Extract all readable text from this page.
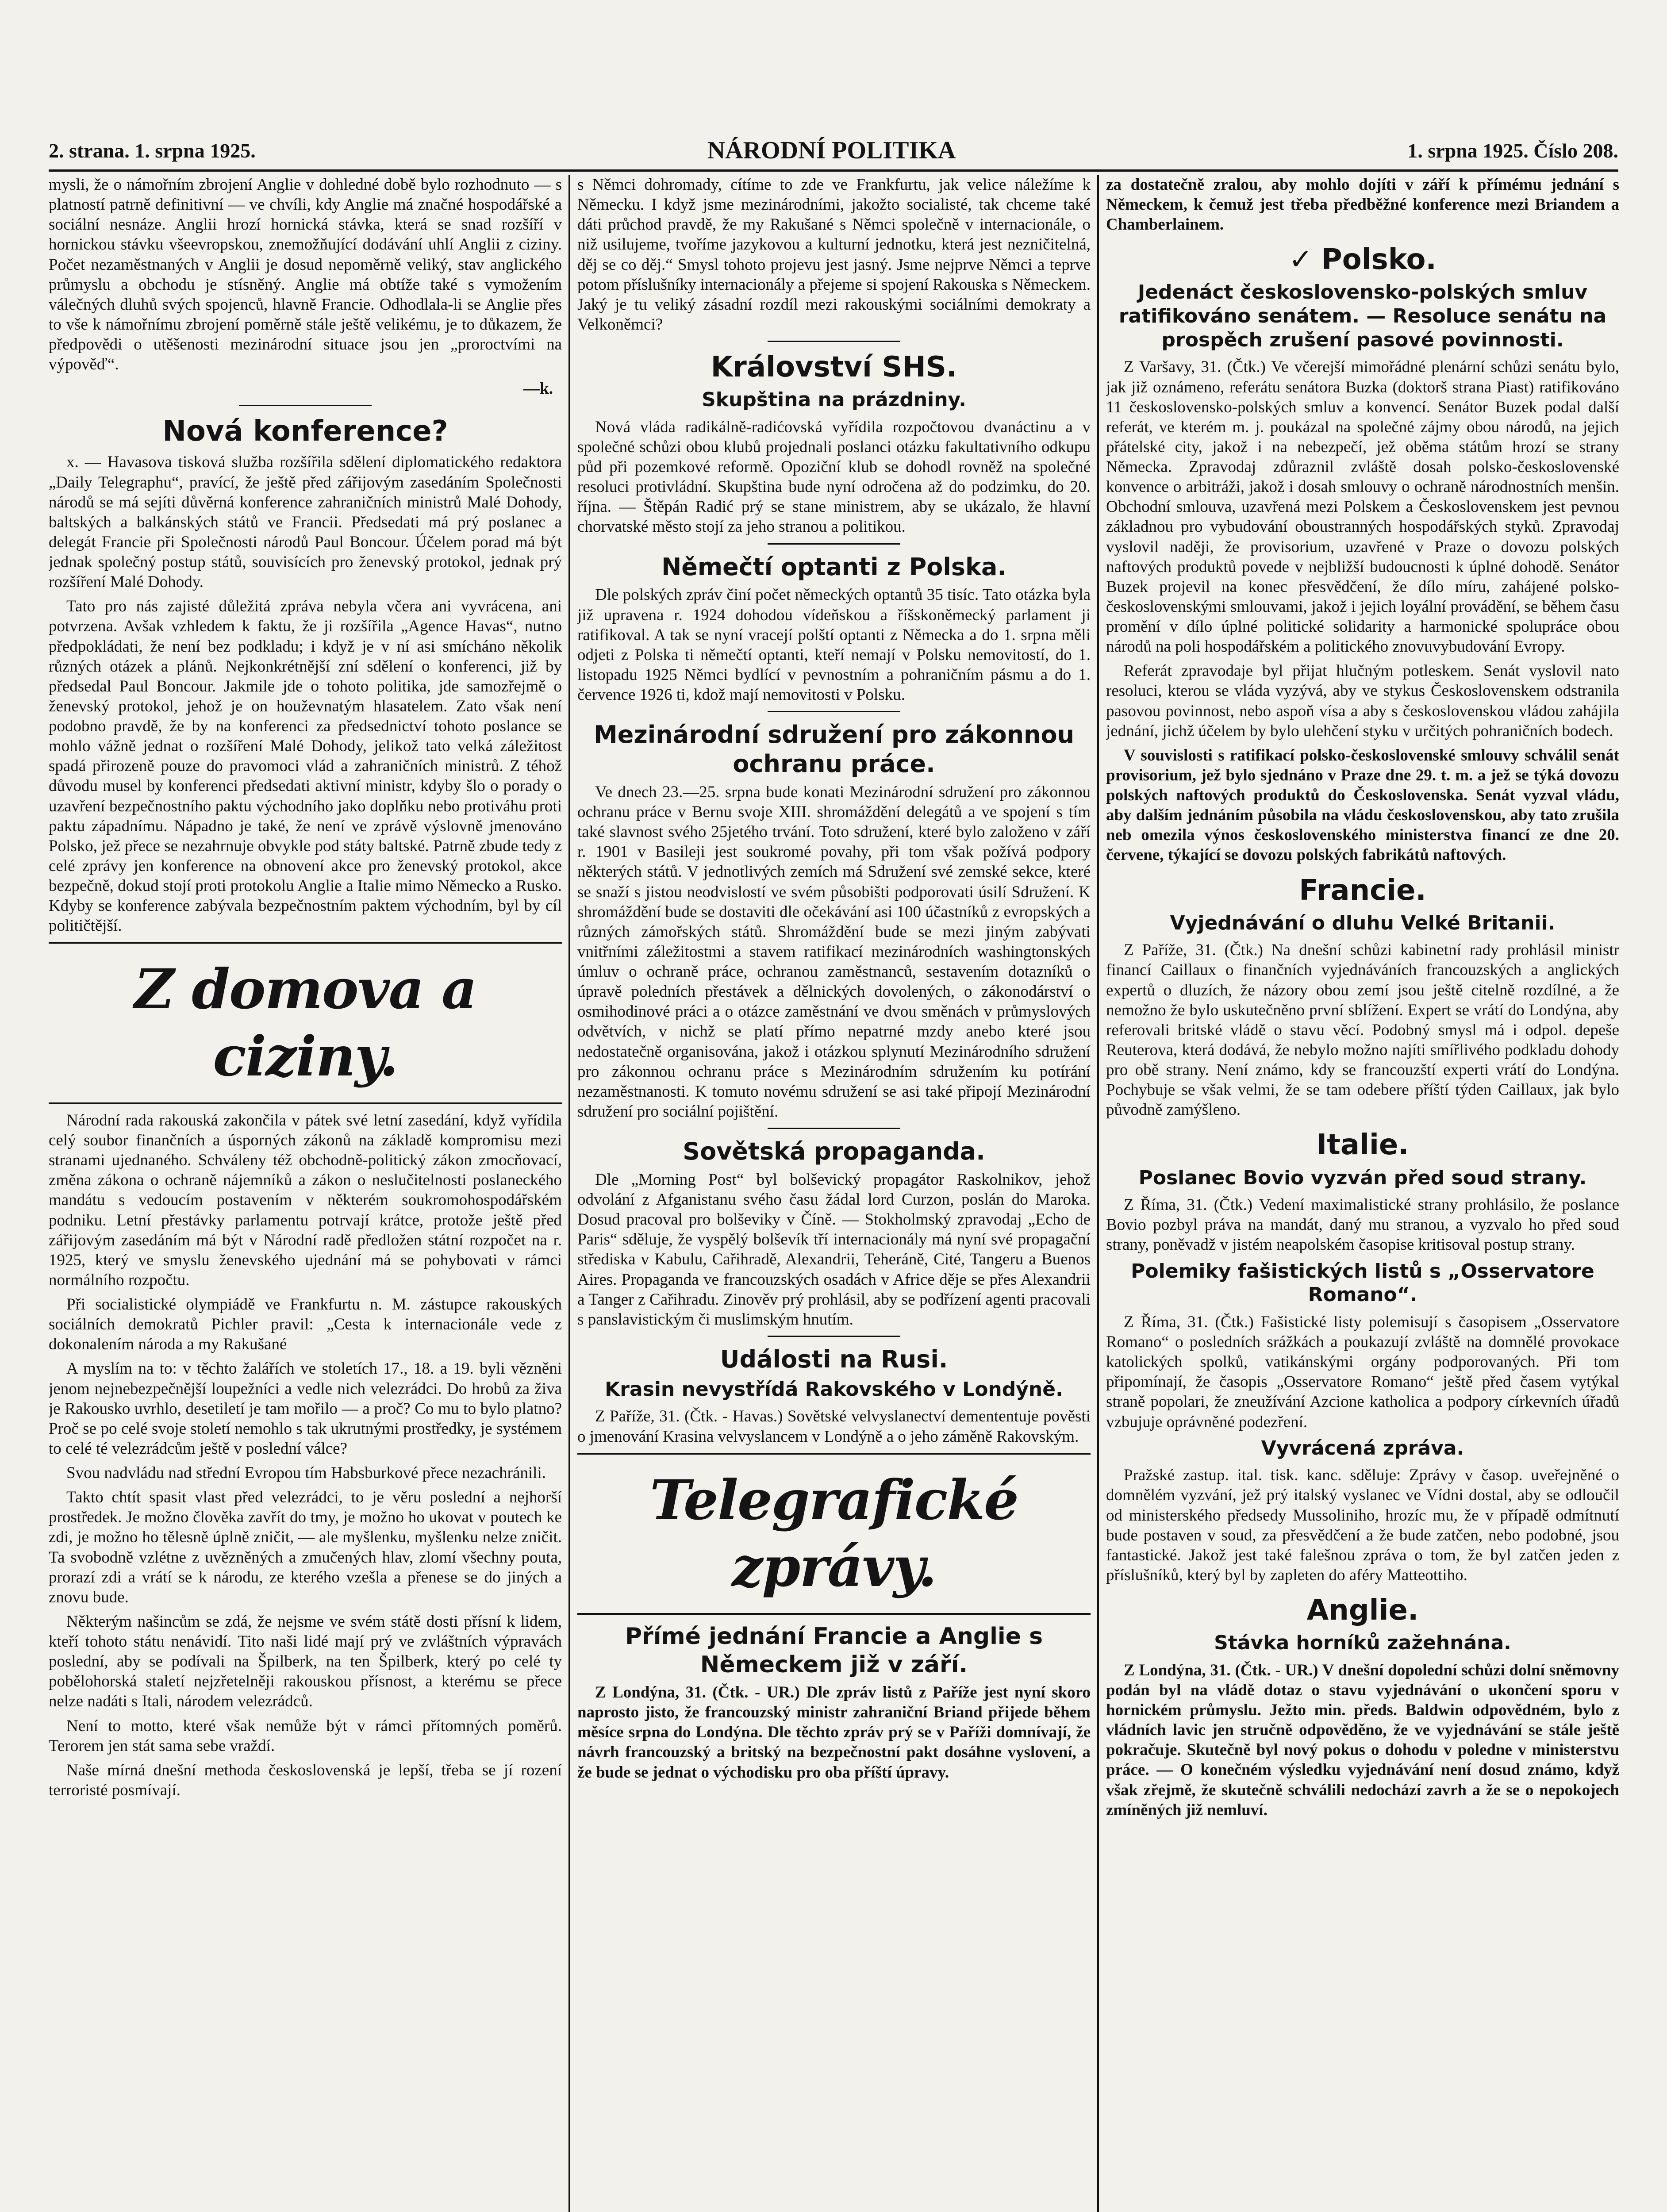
2. strana. 1. srpna 1925.	NÁRODNÍ POLITIKA	1. srpna 1925. Číslo 208.

mysli, že o námořním zbrojení Anglie v dohledné době bylo rozhodnuto — s platností patrně definitivní — ve chvíli, kdy Anglie má značné hospodářské a sociální nesnáze. Anglii hrozí hornická stávka, která se snad rozšíří v hornickou stávku všeevropskou, znemožňující dodávání uhlí Anglii z ciziny. Počet nezaměstnaných v Anglii je dosud nepoměrně veliký, stav anglického průmyslu a obchodu je stísněný. Anglie má obtíže také s vymožením válečných dluhů svých spojenců, hlavně Francie. Odhodlala-li se Anglie přes to vše k námořnímu zbrojení poměrně stále ještě velikému, je to důkazem, že předpovědi o utěšenosti mezinárodní situace jsou jen „proroctvími na výpověď“.

—k.
Nová konference?

x. — Havasova tisková služba rozšířila sdělení diplomatického redaktora „Daily Telegraphu“, pravící, že ještě před zářijovým zasedáním Společnosti národů se má sejíti důvěrná konference zahraničních ministrů Malé Dohody, baltských a balkánských států ve Francii. Předsedati má prý poslanec a delegát Francie při Společnosti národů Paul Boncour. Účelem porad má být jednak společný postup států, souvisících pro ženevský protokol, jednak prý rozšíření Malé Dohody.

Tato pro nás zajisté důležitá zpráva nebyla včera ani vyvrácena, ani potvrzena. Avšak vzhledem k faktu, že ji rozšířila „Agence Havas“, nutno předpokládati, že není bez podkladu; i když je v ní asi smícháno několik různých otázek a plánů. Nejkonkrétnější zní sdělení o konferenci, již by předsedal Paul Boncour. Jakmile jde o tohoto politika, jde samozřejmě o ženevský protokol, jehož je on houževnatým hlasatelem. Zato však není podobno pravdě, že by na konferenci za předsednictví tohoto poslance se mohlo vážně jednat o rozšíření Malé Dohody, jelikož tato velká záležitost spadá přirozeně pouze do pravomoci vlád a zahraničních ministrů. Z téhož důvodu musel by konferenci předsedati aktivní ministr, kdyby šlo o porady o uzavření bezpečnostního paktu východního jako doplňku nebo protiváhu proti paktu západnímu. Nápadno je také, že není ve zprávě výslovně jmenováno Polsko, jež přece se nezahrnuje obvykle pod státy baltské. Patrně zbude tedy z celé zprávy jen konference na obnovení akce pro ženevský protokol, akce bezpečně, dokud stojí proti protokolu Anglie a Italie mimo Německo a Rusko. Kdyby se konference zabývala bezpečnostním paktem východním, byl by cíl političtější.

Z domova a ciziny.

Národní rada rakouská zakončila v pátek své letní zasedání, když vyřídila celý soubor finančních a úsporných zákonů na základě kompromisu mezi stranami ujednaného. Schváleny též obchodně-politický zákon zmocňovací, změna zákona o ochraně nájemníků a zákon o neslučitelnosti poslaneckého mandátu s vedoucím postavením v některém soukromohospodářském podniku. Letní přestávky parlamentu potrvají krátce, protože ještě před zářijovým zasedáním má být v Národní radě předložen státní rozpočet na r. 1925, který ve smyslu ženevského ujednání má se pohybovati v rámci normálního rozpočtu.

Při socialistické olympiádě ve Frankfurtu n. M. zástupce rakouských sociálních demokratů Pichler pravil: „Cesta k internacionále vede z dokonalením národa a my Rakušané

A myslím na to: v těchto žalářích ve stoletích 17., 18. a 19. byli vězněni jenom nejnebezpečnější loupežníci a vedle nich velezrádci. Do hrobů za živa je Rakousko uvrhlo, desetiletí je tam mořilo — a proč? Co mu to bylo platno? Proč se po celé svoje století nemohlo s tak ukrutnými prostředky, je systémem to celé té velezrádcům ještě v poslední válce?

Svou nadvládu nad střední Evropou tím Habsburkové přece nezachránili.

Takto chtít spasit vlast před velezrádci, to je věru poslední a nejhorší prostředek. Je možno člověka zavřít do tmy, je možno ho ukovat v poutech ke zdi, je možno ho tělesně úplně zničit, — ale myšlenku, myšlenku nelze zničit. Ta svobodně vzlétne z uvězněných a zmučených hlav, zlomí všechny pouta, prorazí zdi a vrátí se k národu, ze kterého vzešla a přenese se do jiných a znovu bude.

Některým našincům se zdá, že nejsme ve svém státě dosti přísní k lidem, kteří tohoto státu nenávidí. Tito naši lidé mají prý ve zvláštních výpravách poslední, aby se podívali na Špilberk, na ten Špilberk, který po celé ty pobělohorská staletí nejzřetelněji rakouskou přísnost, a kterému se přece nelze nadáti s Itali, národem velezrádců.

Není to motto, které však nemůže být v rámci přítomných poměrů. Terorem jen stát sama sebe vraždí.

Naše mírná dnešní methoda československá je lepší, třeba se jí rození terroristé posmívají.

s Němci dohromady, cítíme to zde ve Frankfurtu, jak velice náležíme k Německu. I když jsme mezinárodními, jakožto socialisté, tak chceme také dáti průchod pravdě, že my Rakušané s Němci společně v internacionále, o niž usilujeme, tvoříme jazykovou a kulturní jednotku, která jest nezničitelná, děj se co děj.“ Smysl tohoto projevu jest jasný. Jsme nejprve Němci a teprve potom příslušníky internacionály a přejeme si spojení Rakouska s Německem. Jaký je tu veliký zásadní rozdíl mezi rakouskými sociálními demokraty a Velkoněmci?

Království SHS.
Skupština na prázdniny.

Nová vláda radikálně-radićovská vyřídila rozpočtovou dvanáctinu a v společné schůzi obou klubů projednali poslanci otázku fakultativního odkupu půd při pozemkové reformě. Opoziční klub se dohodl rovněž na společné resoluci protivládní. Skupština bude nyní odročena až do podzimku, do 20. října. — Štěpán Radić prý se stane ministrem, aby se ukázalo, že hlavní chorvatské město stojí za jeho stranou a politikou.

Němečtí optanti z Polska.

Dle polských zpráv činí počet německých optantů 35 tisíc. Tato otázka byla již upravena r. 1924 dohodou vídeňskou a říšskoněmecký parlament ji ratifikoval. A tak se nyní vracejí polští optanti z Německa a do 1. srpna měli odjeti z Polska ti němečtí optanti, kteří nemají v Polsku nemovitostí, do 1. listopadu 1925 Němci bydlící v pevnostním a pohraničním pásmu a do 1. července 1926 ti, kdož mají nemovitosti v Polsku.

Mezinárodní sdružení pro zákonnou ochranu práce.

Ve dnech 23.—25. srpna bude konati Mezinárodní sdružení pro zákonnou ochranu práce v Bernu svoje XIII. shromáždění delegátů a ve spojení s tím také slavnost svého 25jetého trvání. Toto sdružení, které bylo založeno v září r. 1901 v Basileji jest soukromé povahy, při tom však požívá podpory některých států. V jednotlivých zemích má Sdružení své zemské sekce, které se snaží s jistou neodvislostí ve svém působišti podporovati úsilí Sdružení. K shromáždění bude se dostaviti dle očekávání asi 100 účastníků z evropských a různých zámořských států. Shromáždění bude se mezi jiným zabývati vnitřními záležitostmi a stavem ratifikací mezinárodních washingtonských úmluv o ochraně práce, ochranou zaměstnanců, sestavením dotazníků o úpravě poledních přestávek a dělnických dovolených, o zákonodárství o osmihodinové práci a o otázce zaměstnání ve dvou směnách v průmyslových odvětvích, v nichž se platí přímo nepatrné mzdy anebo které jsou nedostatečně organisována, jakož i otázkou splynutí Mezinárodního sdružení pro zákonnou ochranu práce s Mezinárodním sdružením ku potírání nezaměstnanosti. K tomuto novému sdružení se asi také připojí Mezinárodní sdružení pro sociální pojištění.

Sovětská propaganda.

Dle „Morning Post“ byl bolševický propagátor Raskolnikov, jehož odvolání z Afganistanu svého času žádal lord Curzon, poslán do Maroka. Dosud pracoval pro bolševiky v Číně. — Stokholmský zpravodaj „Echo de Paris“ sděluje, že vyspělý bolševík tří internacionály má nyní své propagační střediska v Kabulu, Cařihradě, Alexandrii, Teheráně, Cité, Tangeru a Buenos Aires. Propaganda ve francouzských osadách v Africe děje se přes Alexandrii a Tanger z Cařihradu. Zinověv prý prohlásil, aby se podřízení agenti pracovali s panslavistickým či muslimským hnutím.

Události na Rusi.
Krasin nevystřídá Rakovského v Londýně.

Z Paříže, 31. (Čtk. - Havas.) Sovětské velvyslanectví demententuje pověsti o jmenování Krasina velvyslancem v Londýně a o jeho záměně Rakovským.

Telegrafické zprávy.
Přímé jednání Francie a Anglie s Německem již v září.

Z Londýna, 31. (Čtk. - UR.) Dle zpráv listů z Paříže jest nyní skoro naprosto jisto, že francouzský ministr zahraniční Briand přijede během měsíce srpna do Londýna. Dle těchto zpráv prý se v Paříži domnívají, že návrh francouzský a britský na bezpečnostní pakt dosáhne vyslovení, a že bude se jednat o východisku pro oba příští úpravy.

za dostatečně zralou, aby mohlo dojíti v září k přímému jednání s Německem, k čemuž jest třeba předběžné konference mezi Briandem a Chamberlainem.

✓ Polsko.
Jedenáct československo-polských smluv ratifikováno senátem. — Resoluce senátu na prospěch zrušení pasové povinnosti.

Z Varšavy, 31. (Čtk.) Ve včerejší mimořádné plenární schůzi senátu bylo, jak již oznámeno, referátu senátora Buzka (doktorš strana Piast) ratifikováno 11 československo-polských smluv a konvencí. Senátor Buzek podal další referát, ve kterém m. j. poukázal na společné zájmy obou národů, na jejich přátelské city, jakož i na nebezpečí, jež oběma státům hrozí se strany Německa. Zpravodaj zdůraznil zvláště dosah polsko-československé konvence o arbitráži, jakož i dosah smlouvy o ochraně národnostních menšin. Obchodní smlouva, uzavřená mezi Polskem a Československem jest pevnou základnou pro vybudování oboustranných hospodářských styků. Zpravodaj vyslovil naději, že provisorium, uzavřené v Praze o dovozu polských naftových produktů povede v nejbližší budoucnosti k úplné dohodě. Senátor Buzek projevil na konec přesvědčení, že dílo míru, zahájené polsko-československými smlouvami, jakož i jejich loyální provádění, se během času promění v dílo úplné politické solidarity a harmonické spolupráce obou národů na poli hospodářském a politického znovuvybudování Evropy.

Referát zpravodaje byl přijat hlučným potleskem. Senát vyslovil nato resoluci, kterou se vláda vyzývá, aby ve stykus Československem odstranila pasovou povinnost, nebo aspoň vísa a aby s československou vládou zahájila jednání, jichž účelem by bylo ulehčení styku v určitých pohraničních bodech.

V souvislosti s ratifikací polsko-československé smlouvy schválil senát provisorium, jež bylo sjednáno v Praze dne 29. t. m. a jež se týká dovozu polských naftových produktů do Československa. Senát vyzval vládu, aby dalším jednáním působila na vládu československou, aby tato zrušila neb omezila výnos československého ministerstva financí ze dne 20. červene, týkající se dovozu polských fabrikátů naftových.

Francie.
Vyjednávání o dluhu Velké Britanii.

Z Paříže, 31. (Čtk.) Na dnešní schůzi kabinetní rady prohlásil ministr financí Caillaux o finančních vyjednáváních francouzských a anglických expertů o dluzích, že názory obou zemí jsou ještě citelně rozdílné, a že nemožno že bylo uskutečněno první sblížení. Expert se vrátí do Londýna, aby referovali britské vládě o stavu věcí. Podobný smysl má i odpol. depeše Reuterova, která dodává, že nebylo možno najíti smířlivého podkladu dohody pro obě strany. Není známo, kdy se francouzští experti vrátí do Londýna. Pochybuje se však velmi, že se tam odebere příští týden Caillaux, jak bylo původně zamýšleno.

Italie.
Poslanec Bovio vyzván před soud strany.

Z Říma, 31. (Čtk.) Vedení maximalistické strany prohlásilo, že poslance Bovio pozbyl práva na mandát, daný mu stranou, a vyzvalo ho před soud strany, poněvadž v jistém neapolském časopise kritisoval postup strany.

Polemiky fašistických listů s „Osservatore Romano“.

Z Říma, 31. (Čtk.) Fašistické listy polemisují s časopisem „Osservatore Romano“ o posledních srážkách a poukazují zvláště na domnělé provokace katolických spolků, vatikánskými orgány podporovaných. Při tom připomínají, že časopis „Osservatore Romano“ ještě před časem vytýkal straně popolari, že zneužívání Azcione katholica a podpory církevních úřadů vzbujuje oprávněné podezření.

Vyvrácená zpráva.

Pražské zastup. ital. tisk. kanc. sděluje: Zprávy v časop. uveřejněné o domnělém vyzvání, jež prý italský vyslanec ve Vídni dostal, aby se odloučil od ministerského předsedy Mussoliniho, hrozíc mu, že v případě odmítnutí bude postaven v soud, za přesvědčení a že bude zatčen, nebo podobné, jsou fantastické. Jakož jest také falešnou zpráva o tom, že byl zatčen jeden z příslušníků, který byl by zapleten do aféry Matteottiho.

Anglie.
Stávka horníků zažehnána.

Z Londýna, 31. (Čtk. - UR.) V dnešní dopolední schůzi dolní sněmovny podán byl na vládě dotaz o stavu vyjednávání o ukončení sporu v hornickém průmyslu. Ježto min. předs. Baldwin odpovědném, bylo z vládních lavic jen stručně odpověděno, že ve vyjednávání se stále ještě pokračuje. Skutečně byl nový pokus o dohodu v poledne v ministerstvu práce. — O konečném výsledku vyjednávání není dosud známo, když však zřejmě, že skutečně schválili nedochází zavrh a že se o nepokojech zmíněných již nemluví.
